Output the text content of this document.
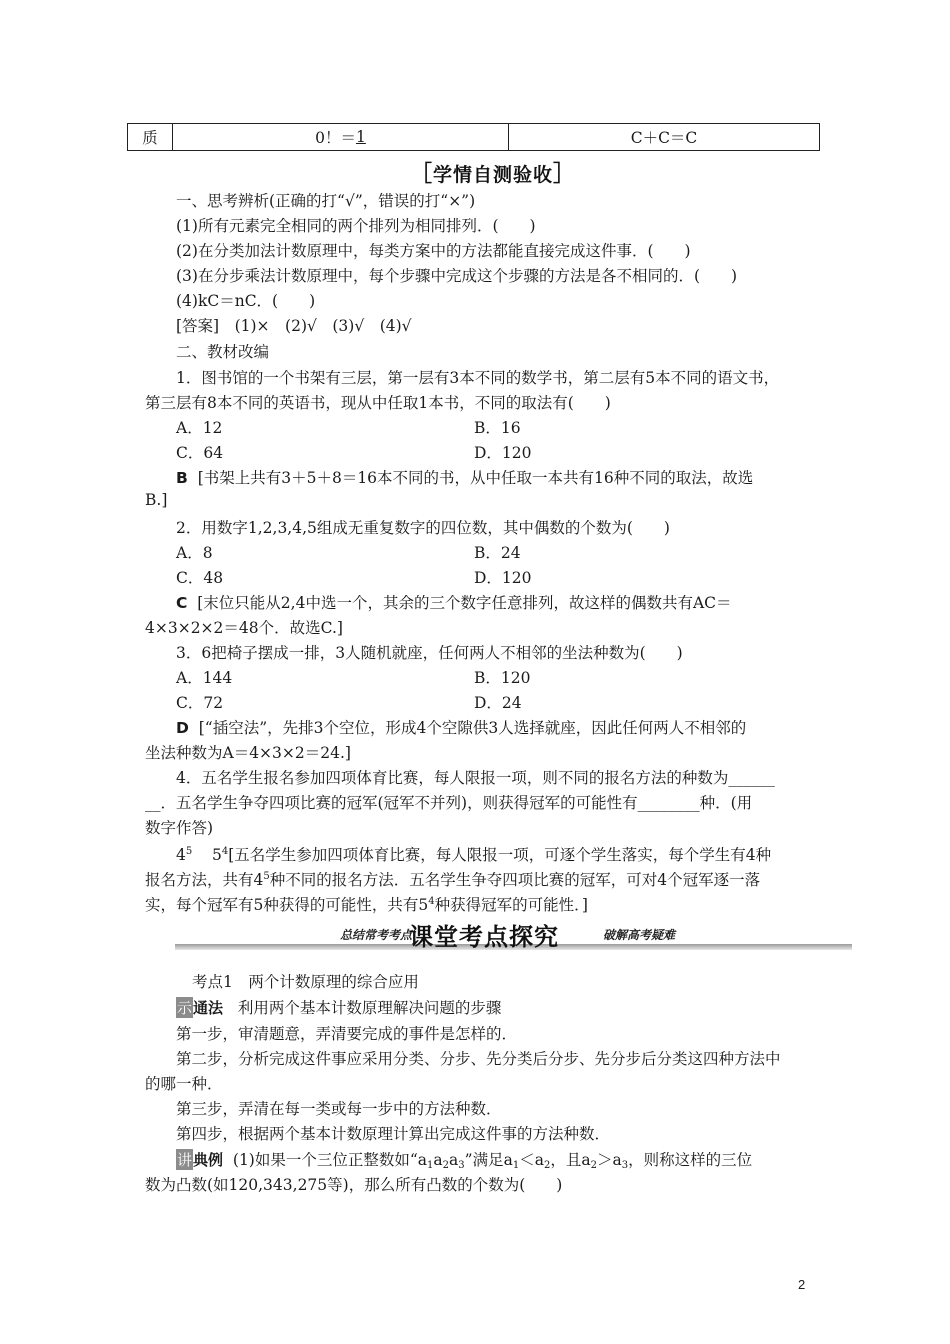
质	0！＝ 1	C＋C＝C
［学情自测验收］
一、思考辨析(正确的打“√”，错误的打“×”)
(1)所有元素完全相同的两个排列为相同排列．(　　)
(2)在分类加法计数原理中，每类方案中的方法都能直接完成这件事．(　　)
(3)在分步乘法计数原理中，每个步骤中完成这个步骤的方法是各不相同的．(　　)
(4)kC＝nC．(　　)
[答案]　(1)×　(2)√　(3)√　(4)√
二、教材改编
1．图书馆的一个书架有三层，第一层有3本不同的数学书，第二层有5本不同的语文书，
第三层有8本不同的英语书，现从中任取1本书，不同的取法有(　　)
A．12	B．16
C．64	D．120
B [书架上共有3＋5＋8＝16本不同的书，从中任取一本共有16种不同的取法，故选
B.]
2．用数字1,2,3,4,5组成无重复数字的四位数，其中偶数的个数为(　　)
A．8	B．24
C．48	D．120
C [末位只能从2,4中选一个，其余的三个数字任意排列，故这样的偶数共有AC＝
4×3×2×2＝48个．故选C.]
3．6把椅子摆成一排，3人随机就座，任何两人不相邻的坐法种数为(　　)
A．144	B．120
C．72	D．24
D [“插空法”，先排3个空位，形成4个空隙供3人选择就座，因此任何两人不相邻的
坐法种数为A＝4×3×2＝24.]
4．五名学生报名参加四项体育比赛，每人限报一项，则不同的报名方法的种数为______
__．五名学生争夺四项比赛的冠军(冠军不并列)，则获得冠军的可能性有________种．(用
数字作答)
$4^5$ $5^4$[五名学生参加四项体育比赛，每人限报一项，可逐个学生落实，每个学生有4种
报名方法，共有$4^5$种不同的报名方法．五名学生争夺四项比赛的冠军，可对4个冠军逐一落
实，每个冠军有5种获得的可能性，共有$5^4$种获得冠军的可能性．]
总结常考考点
课堂考点探究	破解高考疑难
考点1　两个计数原理的综合应用
示通法 利用两个基本计数原理解决问题的步骤
第一步，审清题意，弄清要完成的事件是怎样的．
第二步，分析完成这件事应采用分类、分步、先分类后分步、先分步后分类这四种方法中
的哪一种．
第三步，弄清在每一类或每一步中的方法种数．
第四步，根据两个基本计数原理计算出完成这件事的方法种数．
讲典例 (1)如果一个三位正整数如“$a_1a_2a_3$”满足$a_1<a_2$，且$a_2>a_3$，则称这样的三位
数为凸数(如120,343,275等)，那么所有凸数的个数为(　　)
2
